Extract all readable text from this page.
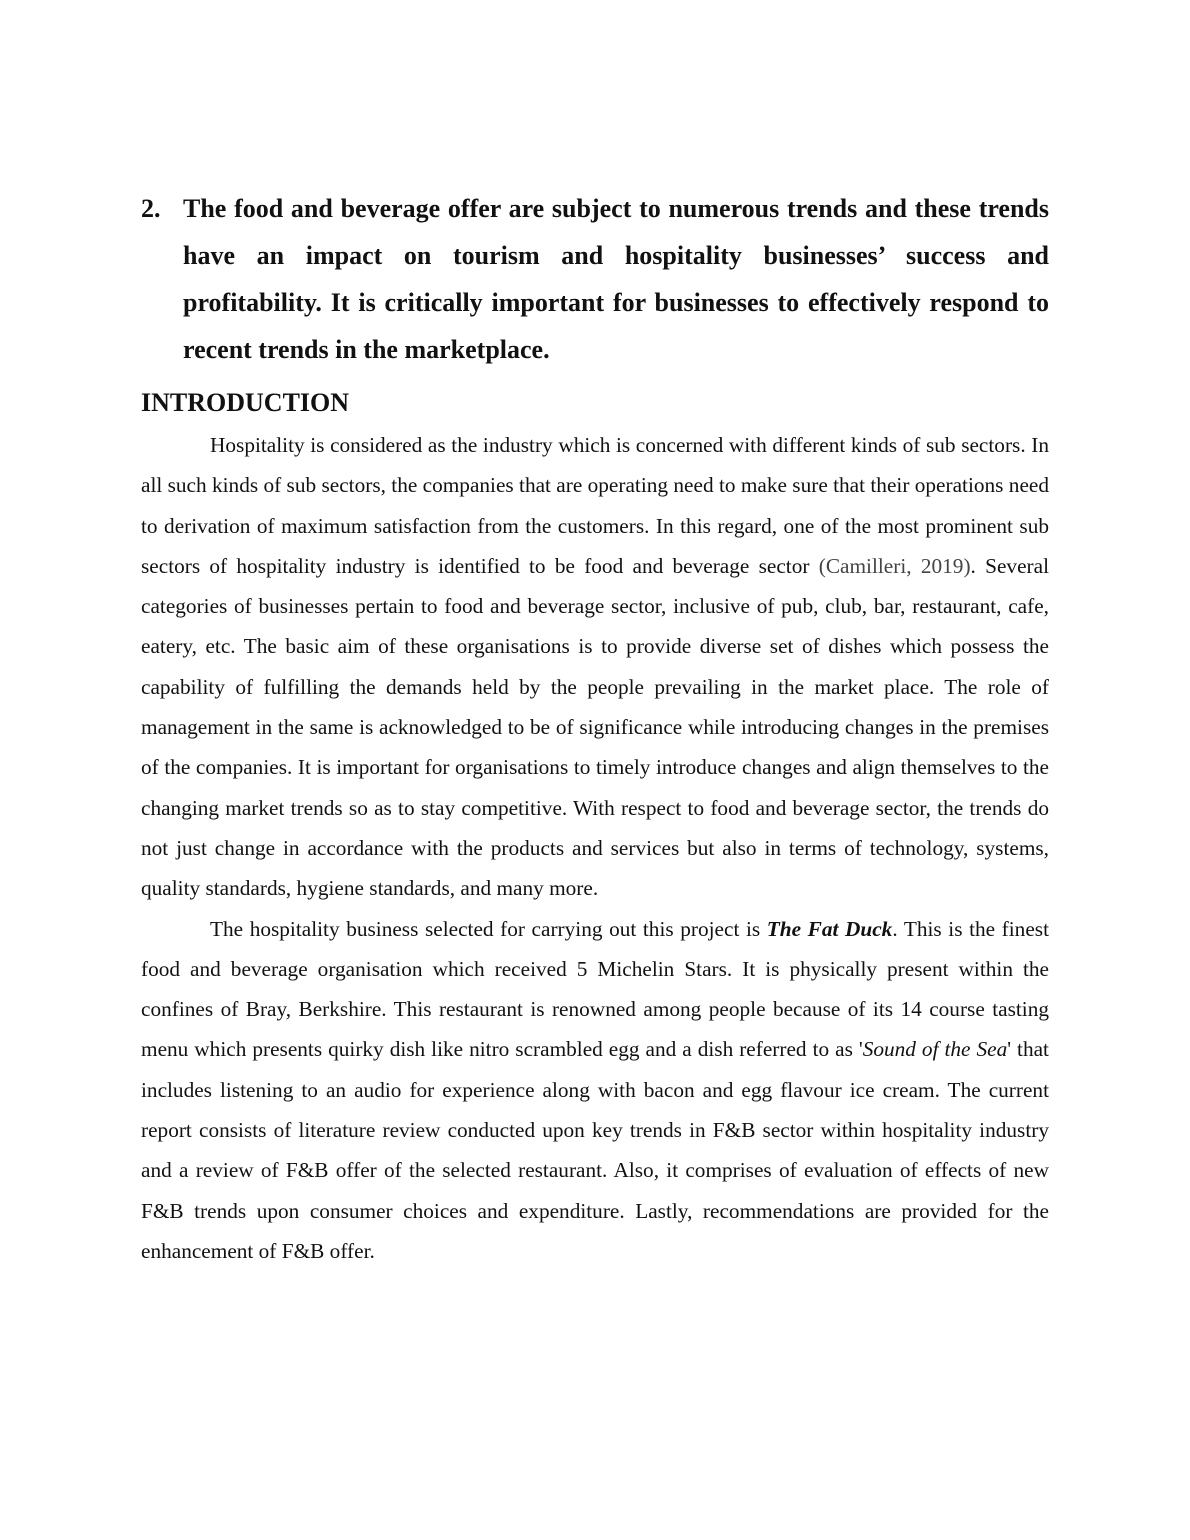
2. The food and beverage offer are subject to numerous trends and these trends have an impact on tourism and hospitality businesses’ success and profitability. It is critically important for businesses to effectively respond to recent trends in the marketplace.
INTRODUCTION

Hospitality is considered as the industry which is concerned with different kinds of sub sectors. In all such kinds of sub sectors, the companies that are operating need to make sure that their operations need to derivation of maximum satisfaction from the customers. In this regard, one of the most prominent sub sectors of hospitality industry is identified to be food and beverage sector (Camilleri, 2019). Several categories of businesses pertain to food and beverage sector, inclusive of pub, club, bar, restaurant, cafe, eatery, etc. The basic aim of these organisations is to provide diverse set of dishes which possess the capability of fulfilling the demands held by the people prevailing in the market place. The role of management in the same is acknowledged to be of significance while introducing changes in the premises of the companies. It is important for organisations to timely introduce changes and align themselves to the changing market trends so as to stay competitive. With respect to food and beverage sector, the trends do not just change in accordance with the products and services but also in terms of technology, systems, quality standards, hygiene standards, and many more.

The hospitality business selected for carrying out this project is The Fat Duck. This is the finest food and beverage organisation which received 5 Michelin Stars. It is physically present within the confines of Bray, Berkshire. This restaurant is renowned among people because of its 14 course tasting menu which presents quirky dish like nitro scrambled egg and a dish referred to as 'Sound of the Sea' that includes listening to an audio for experience along with bacon and egg flavour ice cream. The current report consists of literature review conducted upon key trends in F&B sector within hospitality industry and a review of F&B offer of the selected restaurant. Also, it comprises of evaluation of effects of new F&B trends upon consumer choices and expenditure. Lastly, recommendations are provided for the enhancement of F&B offer.
